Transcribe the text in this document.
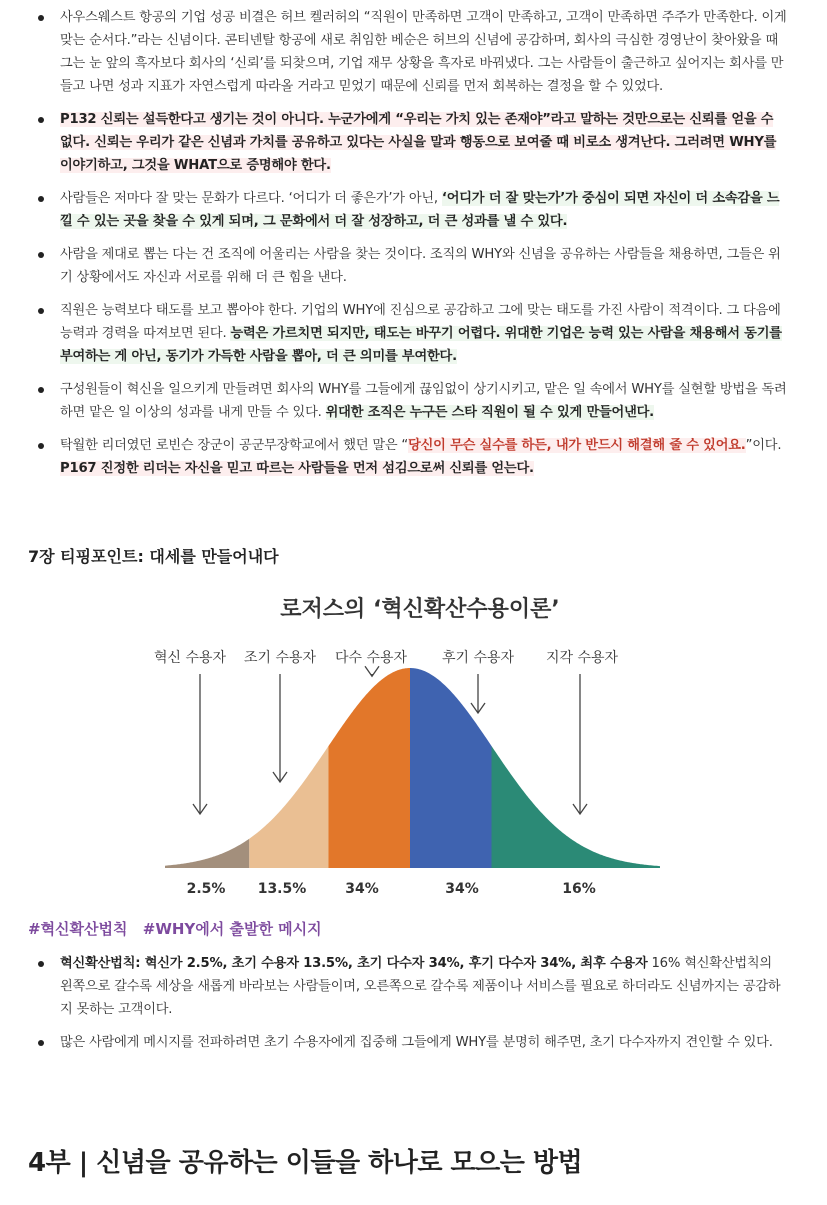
사우스웨스트 항공의 기업 성공 비결은 허브 켈러허의 “직원이 만족하면 고객이 만족하고, 고객이 만족하면 주주가 만족한다. 이게 맞는 순서다.”라는 신념이다. 콘티넨탈 항공에 새로 취임한 베순은 허브의 신념에 공감하며, 회사의 극심한 경영난이 찾아왔을 때 그는 눈 앞의 흑자보다 회사의 ‘신뢰’를 되찾으며, 기업 재무 상황을 흑자로 바꿔냈다. 그는 사람들이 출근하고 싶어지는 회사를 만들고 나면 성과 지표가 자연스럽게 따라올 거라고 믿었기 때문에 신뢰를 먼저 회복하는 결정을 할 수 있었다.
P132 신뢰는 설득한다고 생기는 것이 아니다. 누군가에게 “우리는 가치 있는 존재야”라고 말하는 것만으로는 신뢰를 얻을 수 없다. 신뢰는 우리가 같은 신념과 가치를 공유하고 있다는 사실을 말과 행동으로 보여줄 때 비로소 생겨난다. 그러려면 WHY를 이야기하고, 그것을 WHAT으로 증명해야 한다.
사람들은 저마다 잘 맞는 문화가 다르다. ‘어디가 더 좋은가’가 아닌, ‘어디가 더 잘 맞는가’가 중심이 되면 자신이 더 소속감을 느낄 수 있는 곳을 찾을 수 있게 되며, 그 문화에서 더 잘 성장하고, 더 큰 성과를 낼 수 있다.
사람을 제대로 뽑는 다는 건 조직에 어울리는 사람을 찾는 것이다. 조직의 WHY와 신념을 공유하는 사람들을 채용하면, 그들은 위기 상황에서도 자신과 서로를 위해 더 큰 힘을 낸다.
직원은 능력보다 태도를 보고 뽑아야 한다. 기업의 WHY에 진심으로 공감하고 그에 맞는 태도를 가진 사람이 적격이다. 그 다음에 능력과 경력을 따져보면 된다. 능력은 가르치면 되지만, 태도는 바꾸기 어렵다. 위대한 기업은 능력 있는 사람을 채용해서 동기를 부여하는 게 아닌, 동기가 가득한 사람을 뽑아, 더 큰 의미를 부여한다.
구성원들이 혁신을 일으키게 만들려면 회사의 WHY를 그들에게 끊임없이 상기시키고, 맡은 일 속에서 WHY를 실현할 방법을 독려하면 맡은 일 이상의 성과를 내게 만들 수 있다. 위대한 조직은 누구든 스타 직원이 될 수 있게 만들어낸다.
탁월한 리더였던 로빈슨 장군이 공군무장학교에서 했던 말은 “당신이 무슨 실수를 하든, 내가 반드시 해결해 줄 수 있어요.”이다. P167 진정한 리더는 자신을 믿고 따르는 사람들을 먼저 섬김으로써 신뢰를 얻는다.
7장 티핑포인트: 대세를 만들어내다
로저스의 ‘혁신확산수용이론’
혁신 수용자 조기 수용자 다수 수용자 후기 수용자 지각 수용자
2.5% 13.5%	34%	34%	16%
#혁신확산법칙 #WHY에서 출발한 메시지
혁신확산법칙: 혁신가 2.5%, 초기 수용자 13.5%, 초기 다수자 34%, 후기 다수자 34%, 최후 수용자 16% 혁신확산법칙의 왼쪽으로 갈수록 세상을 새롭게 바라보는 사람들이며, 오른쪽으로 갈수록 제품이나 서비스를 필요로 하더라도 신념까지는 공감하지 못하는 고객이다.
많은 사람에게 메시지를 전파하려면 초기 수용자에게 집중해 그들에게 WHY를 분명히 해주면, 초기 다수자까지 견인할 수 있다.
4부 | 신념을 공유하는 이들을 하나로 모으는 방법
